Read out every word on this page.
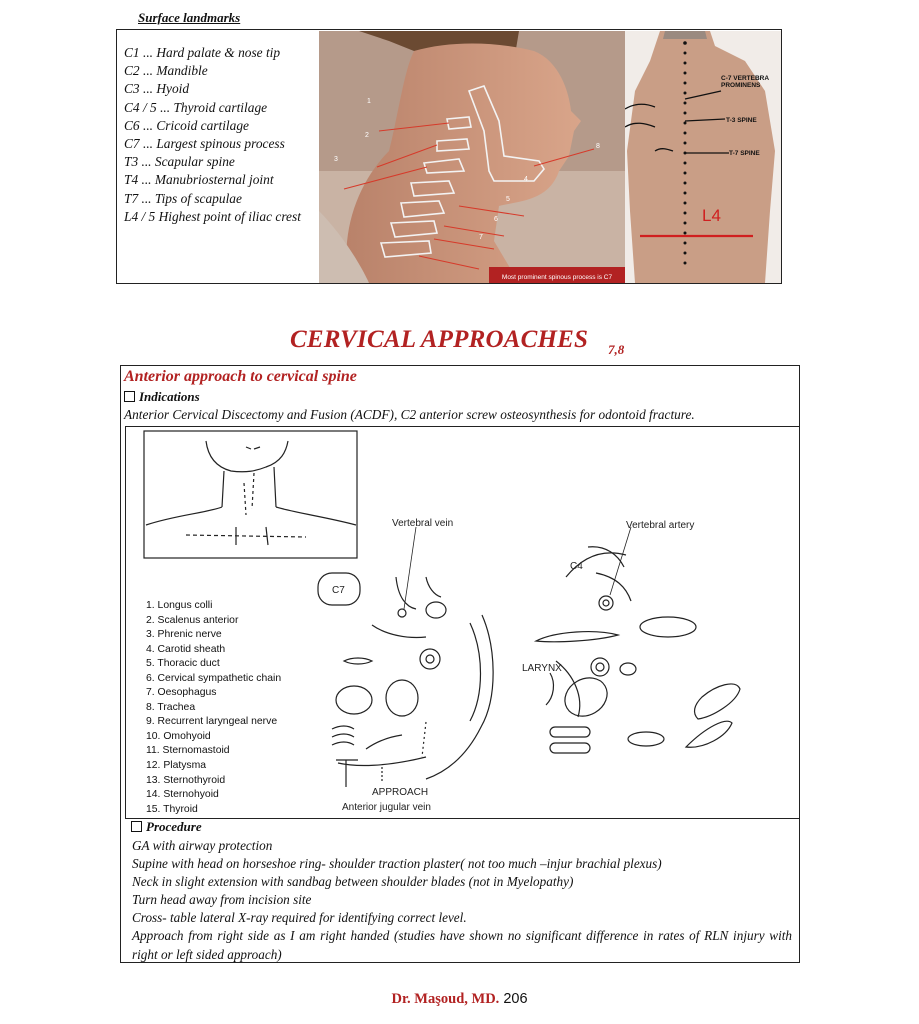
Surface landmarks
C1 ... Hard palate & nose tip
C2 ... Mandible
C3 ... Hyoid
C4 / 5 ... Thyroid cartilage
C6 ... Cricoid cartilage
C7 ... Largest spinous process
T3 ... Scapular spine
T4 ... Manubriosternal joint
T7 ... Tips of scapulae
L4 / 5 Highest point of iliac crest
Most prominent spinous process is C7
1
2
3
4
5
6
7
8
L4
C-7 VERTEBRA PROMINENS
T-3 SPINE
T-7 SPINE
CERVICAL APPROACHES 7,8
Anterior approach to cervical spine
Indications
Anterior Cervical Discectomy and Fusion (ACDF), C2 anterior screw osteosynthesis for odontoid fracture.
Vertebral vein	Vertebral artery
C7
C4
LARYNX
APPROACH
Anterior jugular vein
1. Longus colli
2. Scalenus anterior
3. Phrenic nerve
4. Carotid sheath
5. Thoracic duct
6. Cervical sympathetic chain
7. Oesophagus
8. Trachea
9. Recurrent laryngeal nerve
10. Omohyoid
11. Sternomastoid
12. Platysma
13. Sternothyroid
14. Sternohyoid
15. Thyroid
Procedure
GA with airway protection
Supine with head on horseshoe ring- shoulder traction plaster( not too much –injur brachial plexus)
Neck in slight extension with sandbag between shoulder blades (not in Myelopathy)
Turn head away from incision site
Cross- table lateral X-ray required for identifying correct level.
Approach from right side as I am right handed (studies have shown no significant difference in rates of RLN injury with right or left sided approach)
Dr. Maşoud, MD. 206
